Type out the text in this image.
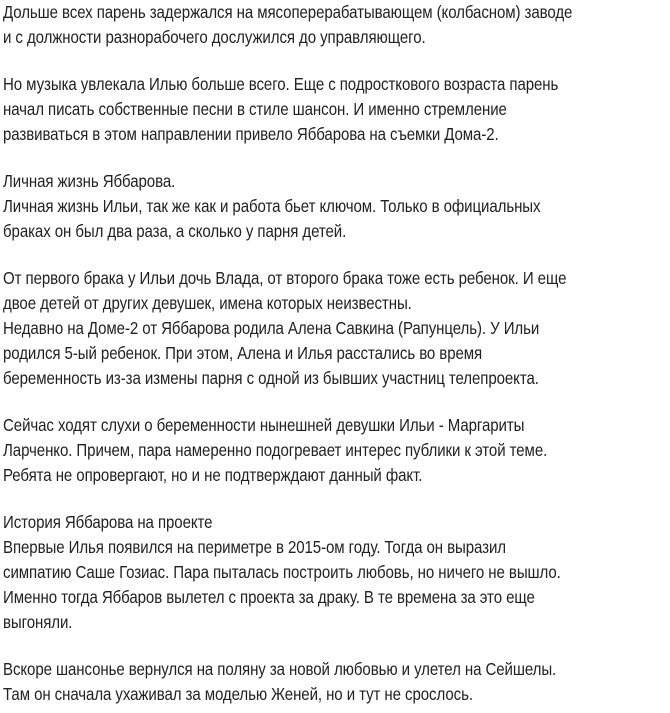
Дольше всех парень задержался на мясоперерабатывающем (колбасном) заводе
и с должности разнорабочего дослужился до управляющего.

Но музыка увлекала Илью больше всего. Еще с подросткового возраста парень
начал писать собственные песни в стиле шансон. И именно стремление
развиваться в этом направлении привело Яббарова на съемки Дома-2.

Личная жизнь Яббарова.
Личная жизнь Ильи, так же как и работа бьет ключом. Только в официальных
браках он был два раза, а сколько у парня детей.

От первого брака у Ильи дочь Влада, от второго брака тоже есть ребенок. И еще
двое детей от других девушек, имена которых неизвестны.
Недавно на Доме-2 от Яббарова родила Алена Савкина (Рапунцель). У Ильи
родился 5-ый ребенок. При этом, Алена и Илья расстались во время
беременность из-за измены парня с одной из бывших участниц телепроекта.

Сейчас ходят слухи о беременности нынешней девушки Ильи - Маргариты
Ларченко. Причем, пара намеренно подогревает интерес публики к этой теме.
Ребята не опровергают, но и не подтверждают данный факт.

История Яббарова на проекте
Впервые Илья появился на периметре в 2015-ом году. Тогда он выразил
симпатию Саше Гозиас. Пара пыталась построить любовь, но ничего не вышло.
Именно тогда Яббаров вылетел с проекта за драку. В те времена за это еще
выгоняли.

Вскоре шансонье вернулся на поляну за новой любовью и улетел на Сейшелы.
Там он сначала ухаживал за моделью Женей, но и тут не срослось.
